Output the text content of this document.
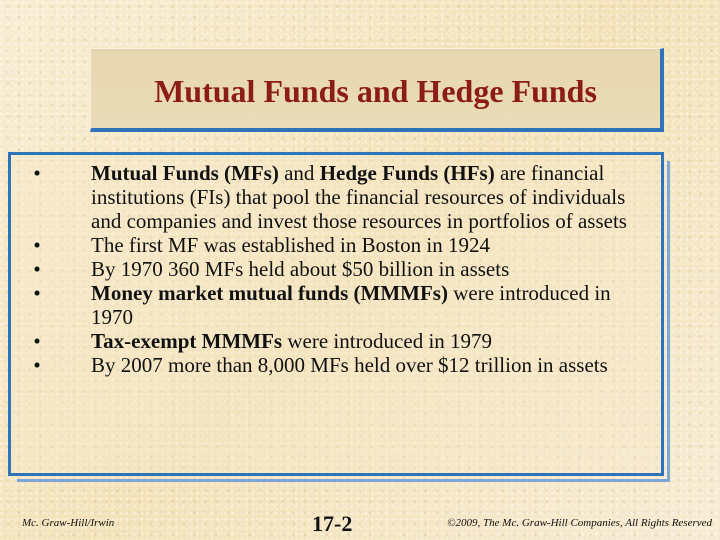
Mutual Funds and Hedge Funds
• Mutual Funds (MFs) and Hedge Funds (HFs) are financial institutions (FIs) that pool the financial resources of individuals and companies and invest those resources in portfolios of assets
• The first MF was established in Boston in 1924
• By 1970 360 MFs held about $50 billion in assets
• Money market mutual funds (MMMFs) were introduced in 1970
• Tax-exempt MMMFs were introduced in 1979
• By 2007 more than 8,000 MFs held over $12 trillion in assets
Mc. Graw-Hill/Irwin	17-2	©2009, The Mc. Graw-Hill Companies, All Rights Reserved
